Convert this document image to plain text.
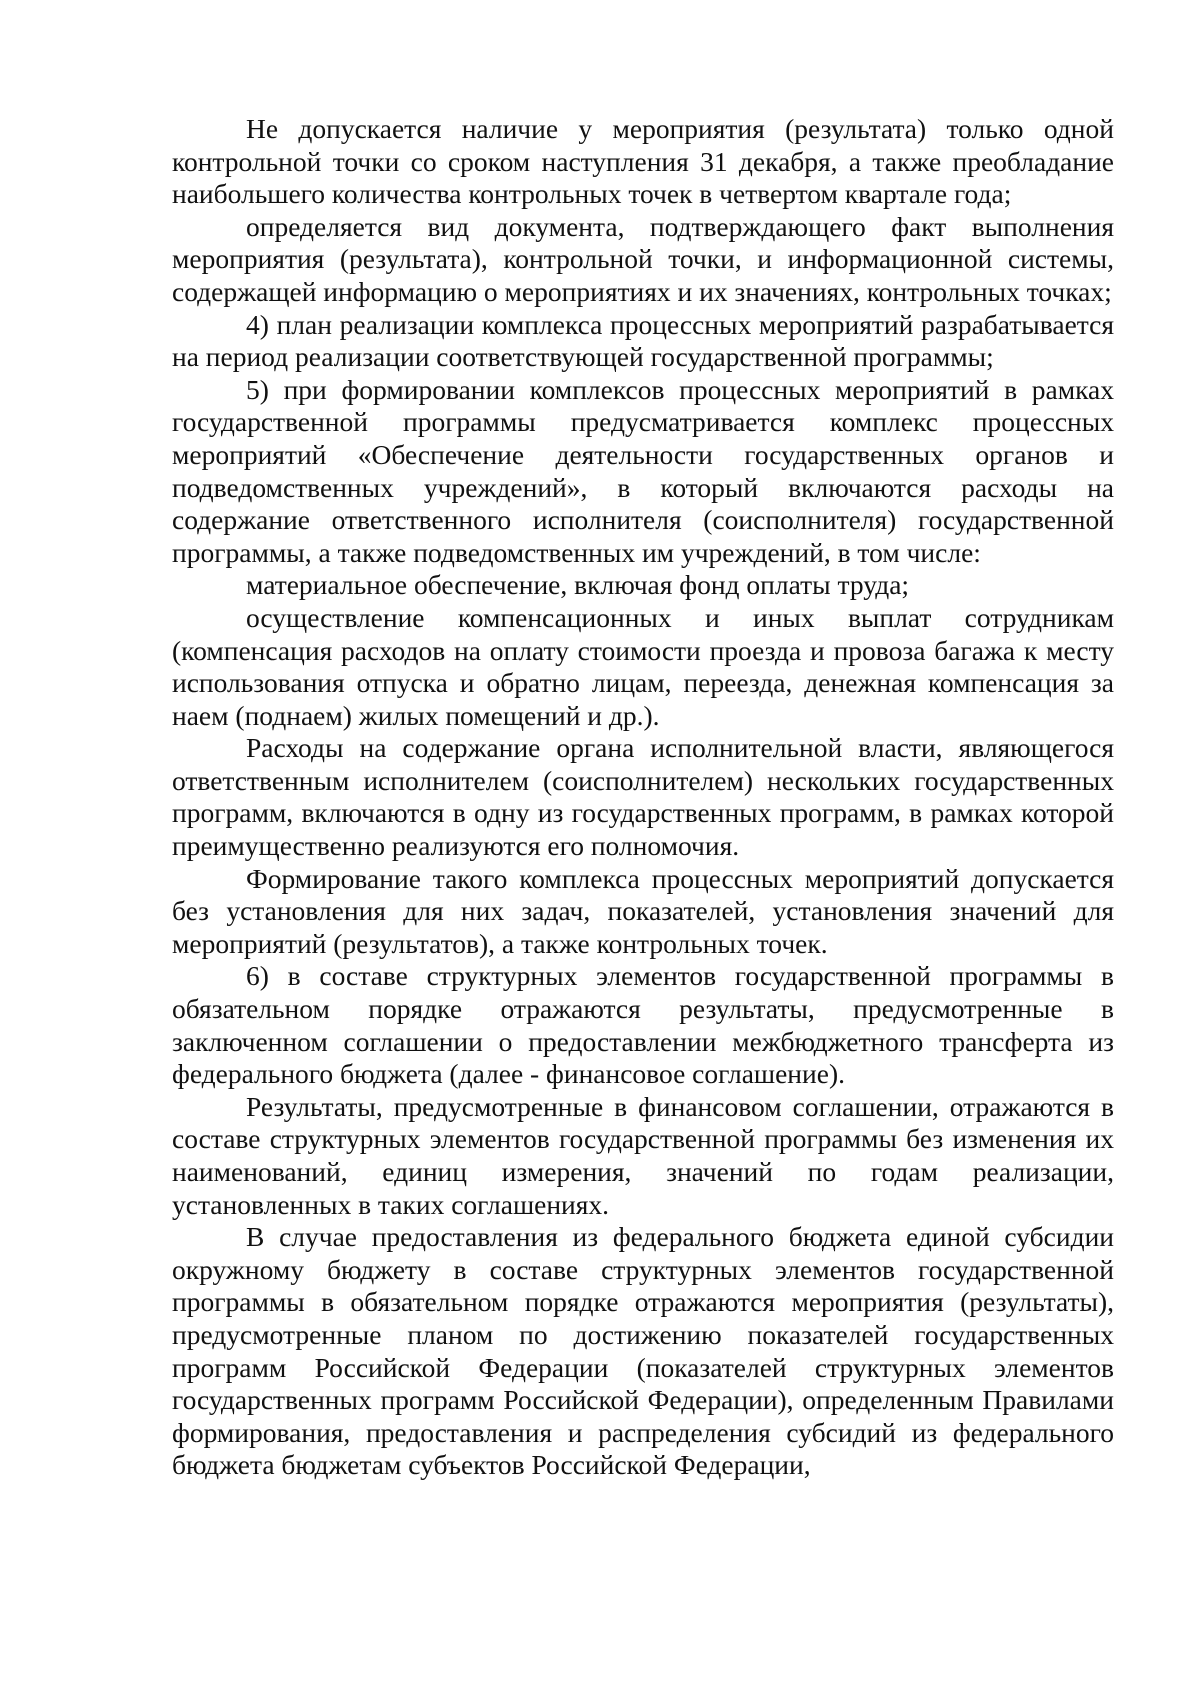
Не допускается наличие у мероприятия (результата) только одной контрольной точки со сроком наступления 31 декабря, а также преобладание наибольшего количества контрольных точек в четвертом квартале года;

определяется вид документа, подтверждающего факт выполнения мероприятия (результата), контрольной точки, и информационной системы, содержащей информацию о мероприятиях и их значениях, контрольных точках;

4) план реализации комплекса процессных мероприятий разрабатывается на период реализации соответствующей государственной программы;

5) при формировании комплексов процессных мероприятий в рамках государственной программы предусматривается комплекс процессных мероприятий «Обеспечение деятельности государственных органов и подведомственных учреждений», в который включаются расходы на содержание ответственного исполнителя (соисполнителя) государственной программы, а также подведомственных им учреждений, в том числе:

материальное обеспечение, включая фонд оплаты труда;

осуществление компенсационных и иных выплат сотрудникам (компенсация расходов на оплату стоимости проезда и провоза багажа к месту использования отпуска и обратно лицам, переезда, денежная компенсация за наем (поднаем) жилых помещений и др.).

Расходы на содержание органа исполнительной власти, являющегося ответственным исполнителем (соисполнителем) нескольких государственных программ, включаются в одну из государственных программ, в рамках которой преимущественно реализуются его полномочия.

Формирование такого комплекса процессных мероприятий допускается без установления для них задач, показателей, установления значений для мероприятий (результатов), а также контрольных точек.

6) в составе структурных элементов государственной программы в обязательном порядке отражаются результаты, предусмотренные в заключенном соглашении о предоставлении межбюджетного трансферта из федерального бюджета (далее - финансовое соглашение).

Результаты, предусмотренные в финансовом соглашении, отражаются в составе структурных элементов государственной программы без изменения их наименований, единиц измерения, значений по годам реализации, установленных в таких соглашениях.

В случае предоставления из федерального бюджета единой субсидии окружному бюджету в составе структурных элементов государственной программы в обязательном порядке отражаются мероприятия (результаты), предусмотренные планом по достижению показателей государственных программ Российской Федерации (показателей структурных элементов государственных программ Российской Федерации), определенным Правилами формирования, предоставления и распределения субсидий из федерального бюджета бюджетам субъектов Российской Федерации,
